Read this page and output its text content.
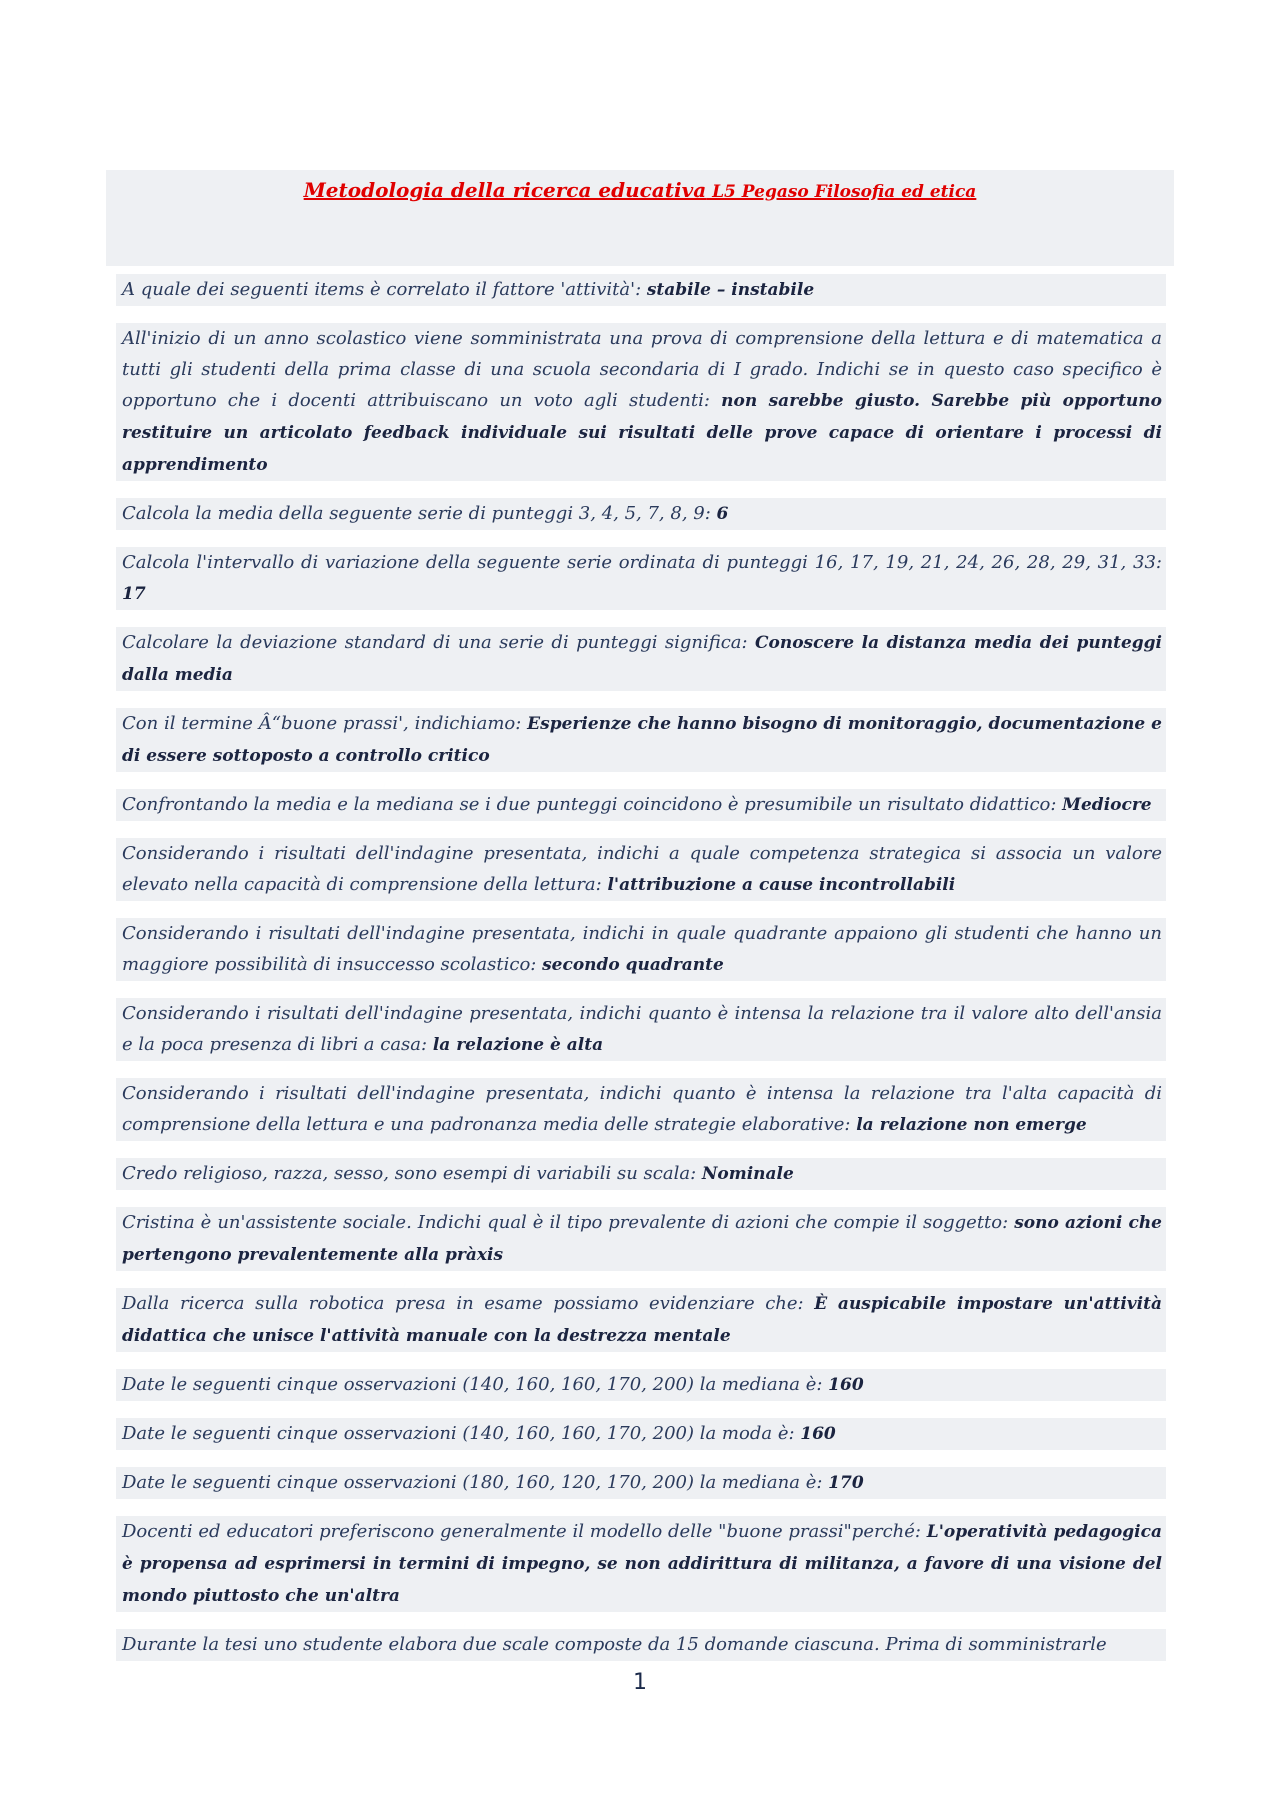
Metodologia della ricerca educativa L5 Pegaso Filosofia ed etica
A quale dei seguenti items è correlato il fattore 'attività': stabile – instabile
All'inizio di un anno scolastico viene somministrata una prova di comprensione della lettura e di matematica a tutti gli studenti della prima classe di una scuola secondaria di I grado. Indichi se in questo caso specifico è opportuno che i docenti attribuiscano un voto agli studenti: non sarebbe giusto. Sarebbe più opportuno restituire un articolato feedback individuale sui risultati delle prove capace di orientare i processi di apprendimento
Calcola la media della seguente serie di punteggi 3, 4, 5, 7, 8, 9: 6
Calcola l'intervallo di variazione della seguente serie ordinata di punteggi 16, 17, 19, 21, 24, 26, 28, 29, 31, 33: 17
Calcolare la deviazione standard di una serie di punteggi significa: Conoscere la distanza media dei punteggi dalla media
Con il termine Â“buone prassi', indichiamo: Esperienze che hanno bisogno di monitoraggio, documentazione e di essere sottoposto a controllo critico
Confrontando la media e la mediana se i due punteggi coincidono è presumibile un risultato didattico: Mediocre
Considerando i risultati dell'indagine presentata, indichi a quale competenza strategica si associa un valore elevato nella capacità di comprensione della lettura: l'attribuzione a cause incontrollabili
Considerando i risultati dell'indagine presentata, indichi in quale quadrante appaiono gli studenti che hanno un maggiore possibilità di insuccesso scolastico: secondo quadrante
Considerando i risultati dell'indagine presentata, indichi quanto è intensa la relazione tra il valore alto dell'ansia e la poca presenza di libri a casa: la relazione è alta
Considerando i risultati dell'indagine presentata, indichi quanto è intensa la relazione tra l'alta capacità di comprensione della lettura e una padronanza media delle strategie elaborative: la relazione non emerge
Credo religioso, razza, sesso, sono esempi di variabili su scala: Nominale
Cristina è un'assistente sociale. Indichi qual è il tipo prevalente di azioni che compie il soggetto: sono azioni che pertengono prevalentemente alla pràxis
Dalla ricerca sulla robotica presa in esame possiamo evidenziare che: È auspicabile impostare un'attività didattica che unisce l'attività manuale con la destrezza mentale
Date le seguenti cinque osservazioni (140, 160, 160, 170, 200) la mediana è: 160
Date le seguenti cinque osservazioni (140, 160, 160, 170, 200) la moda è: 160
Date le seguenti cinque osservazioni (180, 160, 120, 170, 200) la mediana è: 170
Docenti ed educatori preferiscono generalmente il modello delle "buone prassi"perché: L'operatività pedagogica è propensa ad esprimersi in termini di impegno, se non addirittura di militanza, a favore di una visione del mondo piuttosto che un'altra
Durante la tesi uno studente elabora due scale composte da 15 domande ciascuna. Prima di somministrarle
1
